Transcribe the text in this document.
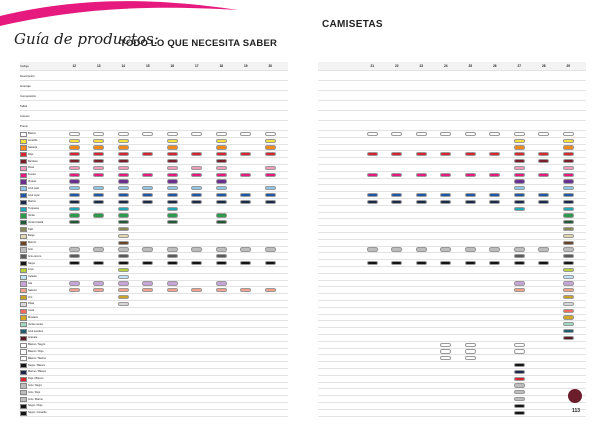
Guía de productos:
TODO LO QUE NECESITA SABER
CAMISETAS
Código	12	13	14	15	16	17	18	19	20
Descripción
Gramaje
Composición
Tallas
Colores
Precio
Blanco
Amarillo
Naranja
Rojo
Burdeos
Rosa
Fucsia
Violeta
Azul cielo
Azul royal
Marino
Turquesa
Verde
Verde botella
Kaki
Beige
Marrón
Gris
Gris oscuro
Negro
Lima
Celeste
Lila
Salmón
Oro
Plata
Coral
Mostaza
Verde menta
Azul petróleo
Granate
Blanco / Negro
Blanco / Rojo
Blanco / Marino
Negro / Blanco
Marino / Blanco
Rojo / Blanco
Gris / Negro
Gris / Rojo
Gris / Marino
Negro / Rojo
Negro / Amarillo
21	22	23	24	25	26	27	28	29
113
